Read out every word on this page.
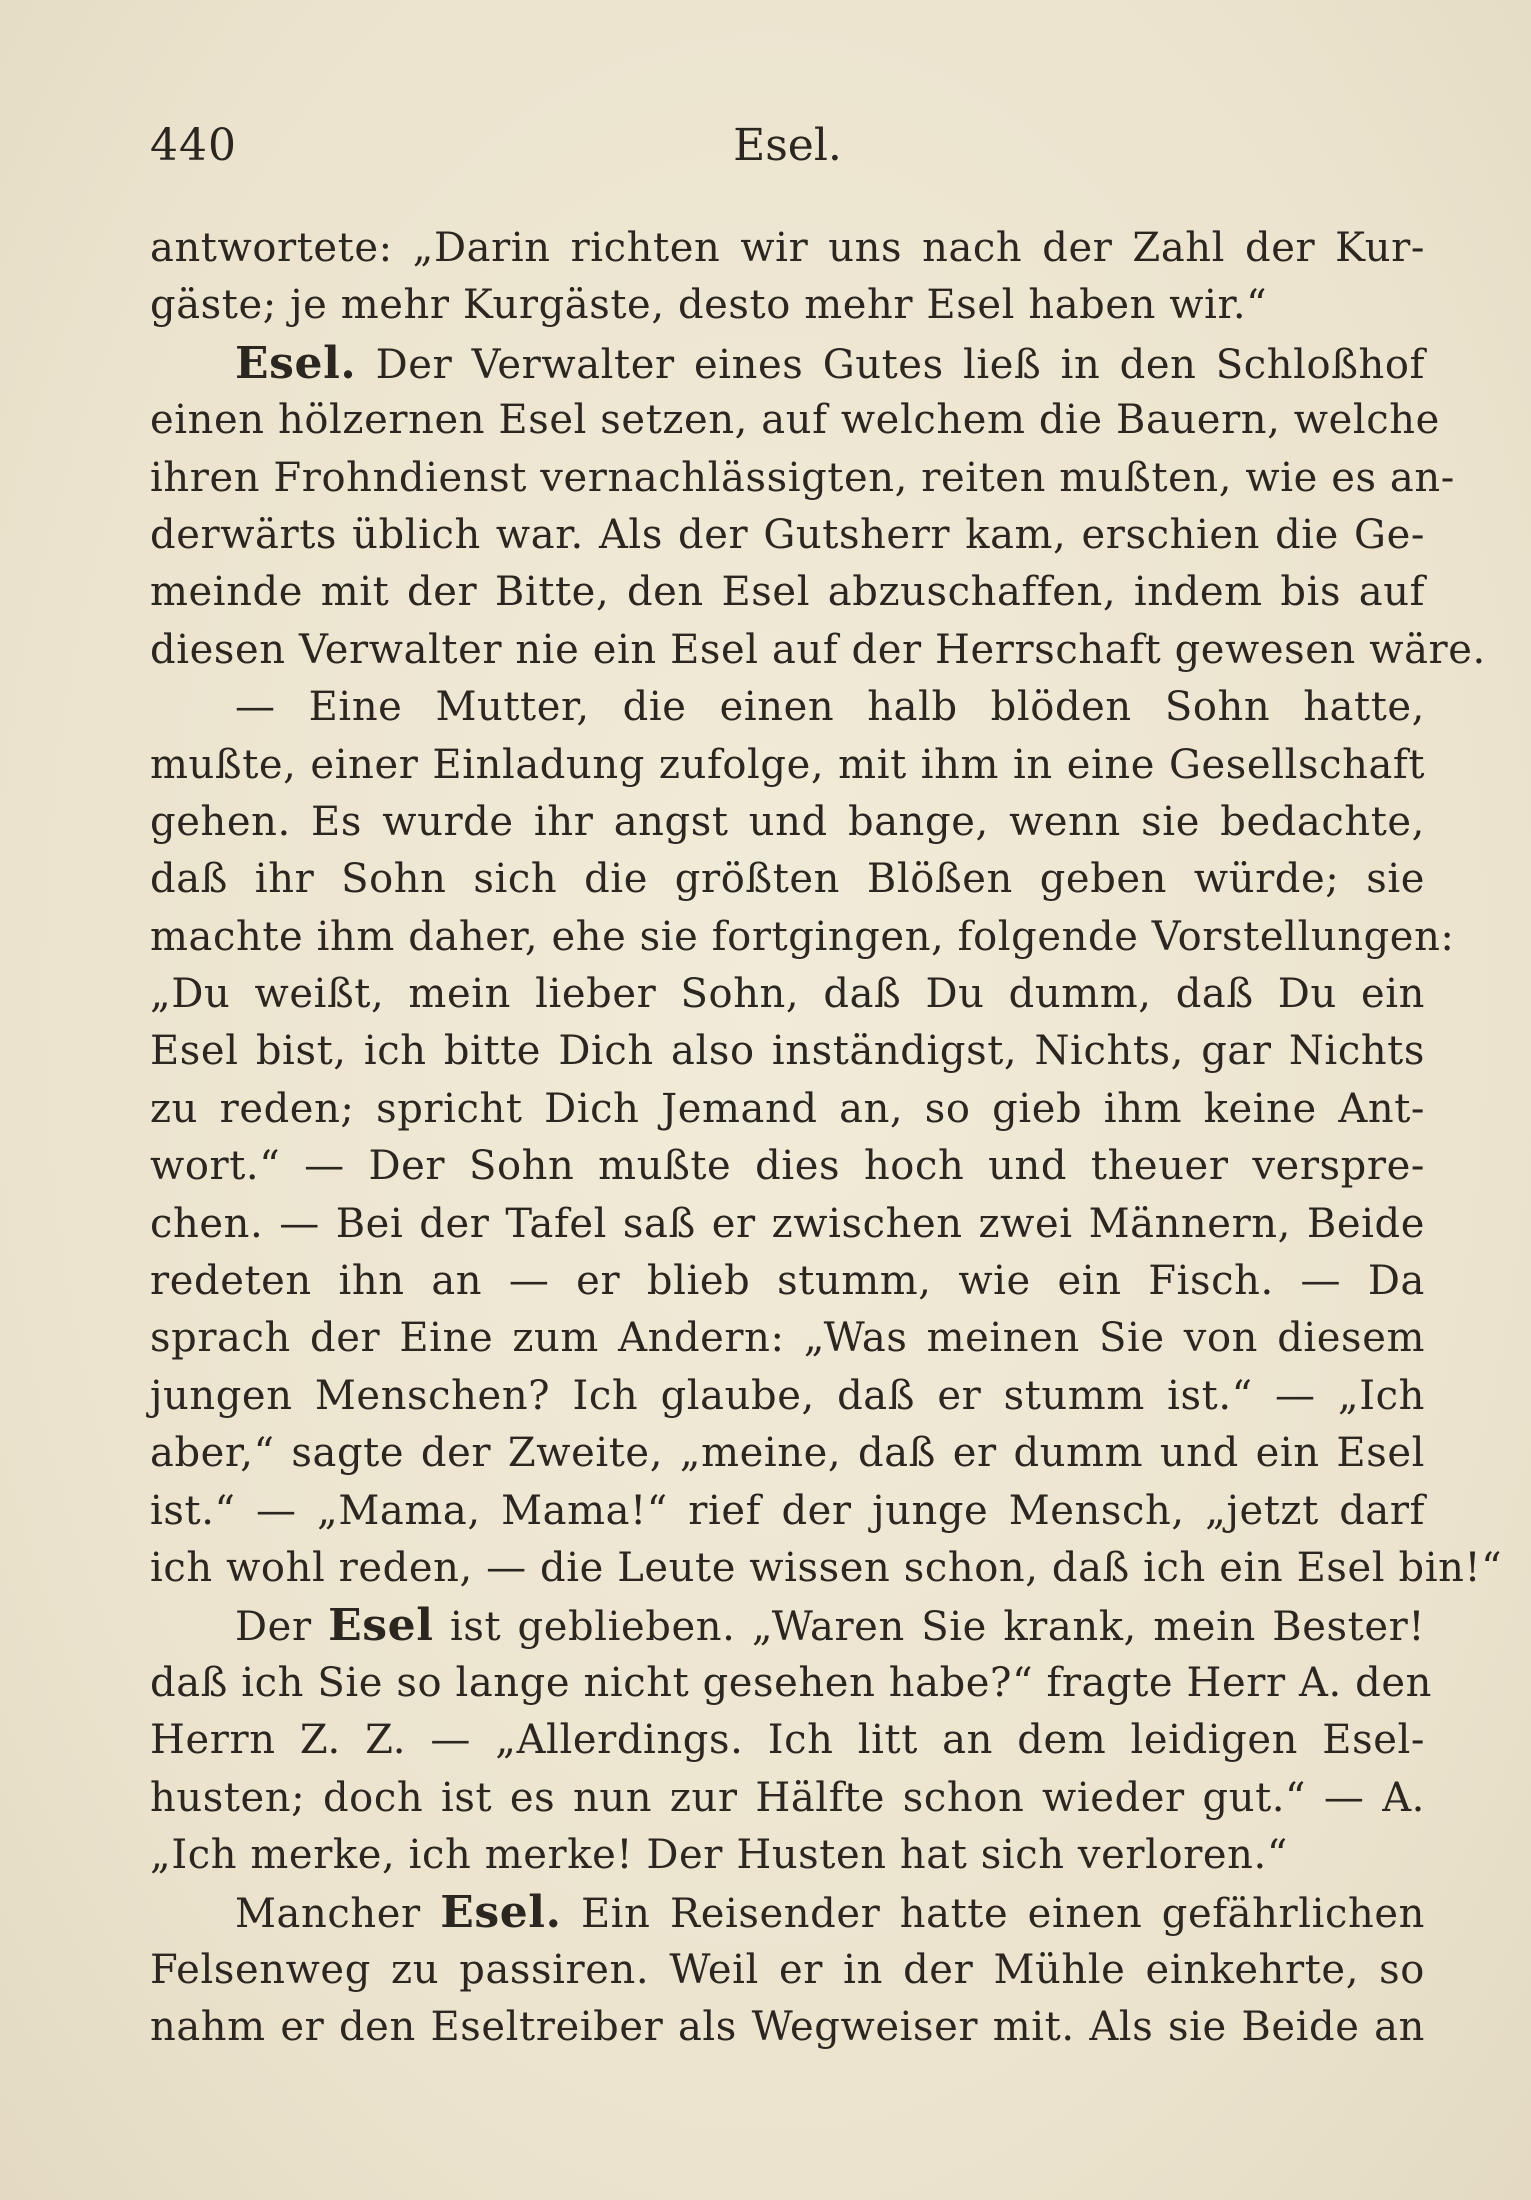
440	Esel.
antwortete: „Darin richten wir uns nach der Zahl der Kur-
gäste; je mehr Kurgäste, desto mehr Esel haben wir.“
Esel. Der Verwalter eines Gutes ließ in den Schloßhof
einen hölzernen Esel setzen, auf welchem die Bauern, welche
ihren Frohndienst vernachlässigten, reiten mußten, wie es an-
derwärts üblich war. Als der Gutsherr kam, erschien die Ge-
meinde mit der Bitte, den Esel abzuschaffen, indem bis auf
diesen Verwalter nie ein Esel auf der Herrschaft gewesen wäre.
— Eine Mutter, die einen halb blöden Sohn hatte,
mußte, einer Einladung zufolge, mit ihm in eine Gesellschaft
gehen. Es wurde ihr angst und bange, wenn sie bedachte,
daß ihr Sohn sich die größten Blößen geben würde; sie
machte ihm daher, ehe sie fortgingen, folgende Vorstellungen:
„Du weißt, mein lieber Sohn, daß Du dumm, daß Du ein
Esel bist, ich bitte Dich also inständigst, Nichts, gar Nichts
zu reden; spricht Dich Jemand an, so gieb ihm keine Ant-
wort.“ — Der Sohn mußte dies hoch und theuer verspre-
chen. — Bei der Tafel saß er zwischen zwei Männern, Beide
redeten ihn an — er blieb stumm, wie ein Fisch. — Da
sprach der Eine zum Andern: „Was meinen Sie von diesem
jungen Menschen? Ich glaube, daß er stumm ist.“ — „Ich
aber,“ sagte der Zweite, „meine, daß er dumm und ein Esel
ist.“ — „Mama, Mama!“ rief der junge Mensch, „jetzt darf
ich wohl reden, — die Leute wissen schon, daß ich ein Esel bin!“
Der Esel ist geblieben. „Waren Sie krank, mein Bester!
daß ich Sie so lange nicht gesehen habe?“ fragte Herr A. den
Herrn Z. Z. — „Allerdings. Ich litt an dem leidigen Esel-
husten; doch ist es nun zur Hälfte schon wieder gut.“ — A.
„Ich merke, ich merke! Der Husten hat sich verloren.“
Mancher Esel. Ein Reisender hatte einen gefährlichen
Felsenweg zu passiren. Weil er in der Mühle einkehrte, so
nahm er den Eseltreiber als Wegweiser mit. Als sie Beide an
